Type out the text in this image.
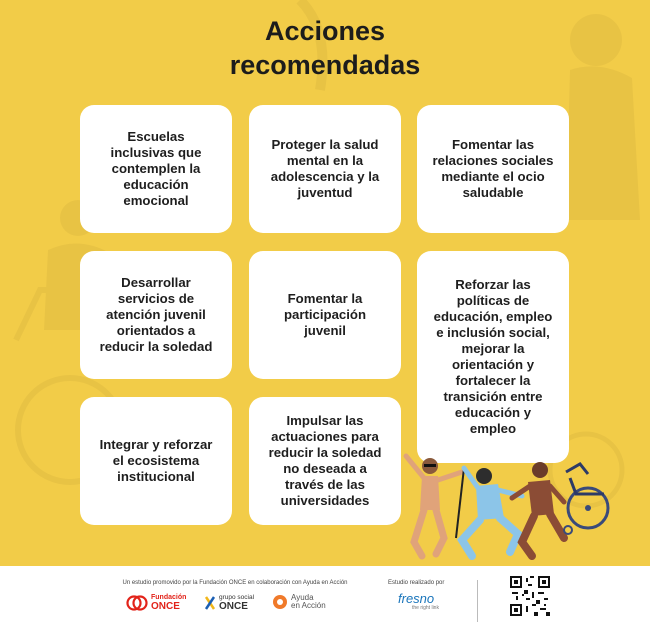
Acciones
recomendadas
Escuelas inclusivas que contemplen la educación emocional
Proteger la salud mental en la adolescencia y la juventud
Fomentar las relaciones sociales mediante el ocio saludable
Desarrollar servicios de atención juvenil orientados a reducir la soledad
Fomentar la participación juvenil
Reforzar las políticas de educación, empleo e inclusión social, mejorar la orientación y fortalecer la transición entre educación y empleo
Integrar y reforzar el ecosistema institucional
Impulsar las actuaciones para reducir la soledad no deseada a través de las universidades
Un estudio promovido por la Fundación ONCE en colaboración con Ayuda en Acción
Fundación
ONCE
grupo social
ONCE
Ayuda
en Acción
Estudio realizado por
fresno
the right link
